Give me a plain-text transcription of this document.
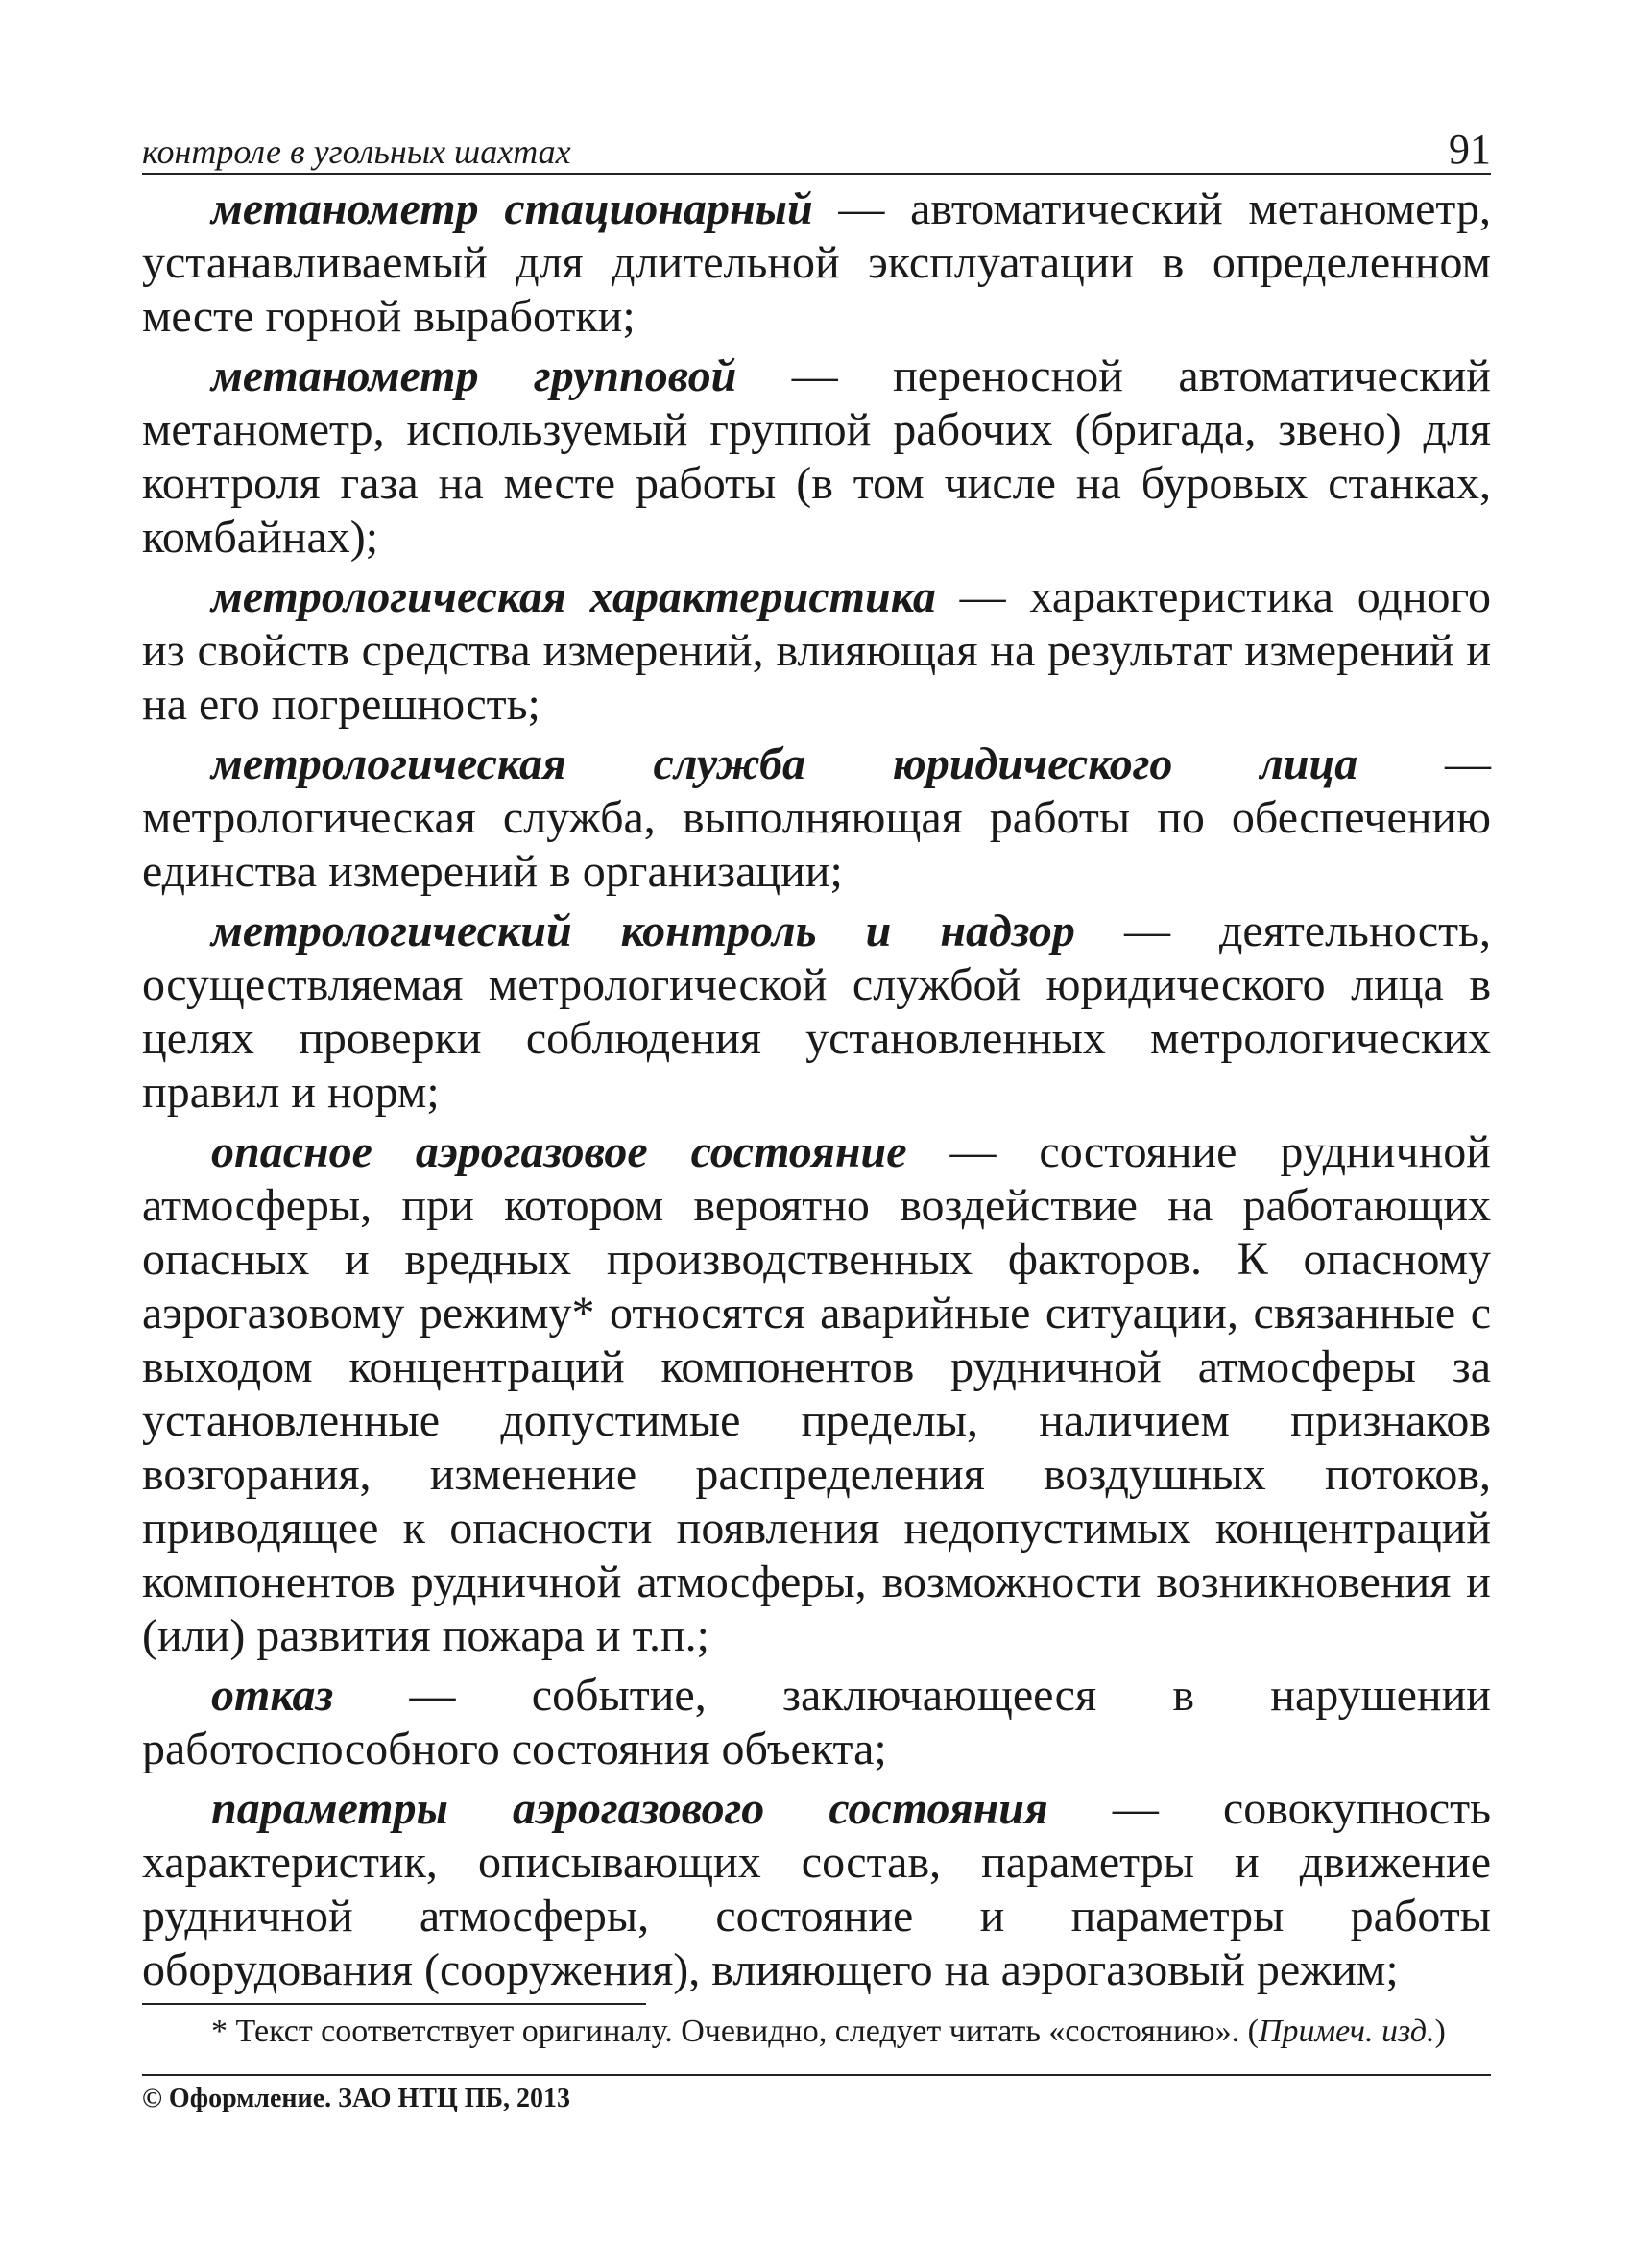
контроле в угольных шахтах	91

метанометр стационарный — автоматический метанометр, устанавливаемый для длительной эксплуатации в определенном месте горной выработки;

метанометр групповой — переносной автоматический метанометр, используемый группой рабочих (бригада, звено) для контроля газа на месте работы (в том числе на буровых станках, комбайнах);

метрологическая характеристика — характеристика одного из свойств средства измерений, влияющая на результат измерений и на его погрешность;

метрологическая служба юридического лица — метрологическая служба, выполняющая работы по обеспечению единства измерений в организации;

метрологический контроль и надзор — деятельность, осуществляемая метрологической службой юридического лица в целях проверки соблюдения установленных метрологических правил и норм;

опасное аэрогазовое состояние — состояние рудничной атмосферы, при котором вероятно воздействие на работающих опасных и вредных производственных факторов. К опасному аэрогазовому режиму* относятся аварийные ситуации, связанные с выходом концентраций компонентов рудничной атмосферы за установленные допустимые пределы, наличием признаков возгорания, изменение распределения воздушных потоков, приводящее к опасности появления недопустимых концентраций компонентов рудничной атмосферы, возможности возникновения и (или) развития пожара и т.п.;

отказ — событие, заключающееся в нарушении работоспособного состояния объекта;

параметры аэрогазового состояния — совокупность характеристик, описывающих состав, параметры и движение рудничной атмосферы, состояние и параметры работы оборудования (сооружения), влияющего на аэрогазовый режим;

* Текст соответствует оригиналу. Очевидно, следует читать «состоянию». (Примеч. изд.)

© Оформление. ЗАО НТЦ ПБ, 2013
